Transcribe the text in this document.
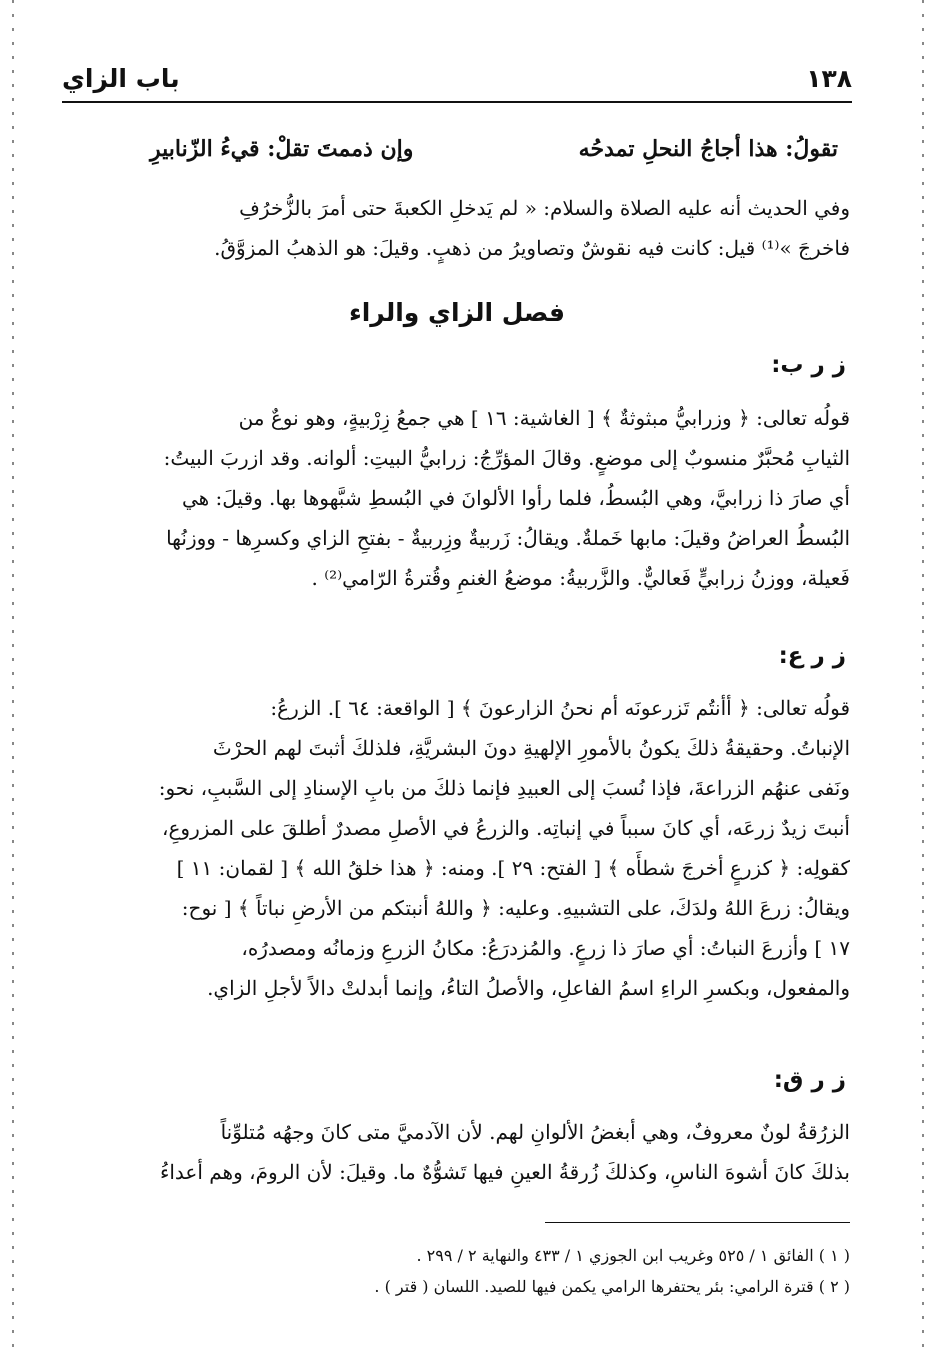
١٣٨
باب الزاي
تقولُ: هذا أجاجُ النحلِ تمدحُه
وإن ذممتَ تقلْ: قيءُ الزّنابيرِ
وفي الحديث أنه عليه الصلاة والسلام: « لم يَدخلِ الكعبةَ حتى أمرَ بالزُّخرُفِ
فاخرجَ »⁽¹⁾ قيل: كانت فيه نقوشٌ وتصاويرُ من ذهبٍ. وقيلَ: هو الذهبُ المزوَّقُ.
فصل الزاي والراء
ز ر ب:
قولُه تعالى: ﴿ وزرابيُّ مبثوثةٌ ﴾ [ الغاشية: ١٦ ] هي جمعُ زِرْبيةٍ، وهو نوعٌ من
الثيابِ مُحبَّرٌ منسوبٌ إلى موضعٍ. وقالَ المؤرِّجُ: زرابيُّ البيتِ: ألوانه. وقد ازربَ البيتُ:
أي صارَ ذا زرابيَّ، وهي البُسطُ، فلما رأوا الألوانَ في البُسطِ شبَّهوها بها. وقيلَ: هي
البُسطُ العراضُ وقيلَ: مابها خَملةٌ. ويقالُ: زَربيةٌ وزِربيةٌ - بفتحِ الزاي وكسرِها - ووزنُها
فَعيلة، ووزنُ زرابيٍّ فَعاليٌّ. والزَّربيةُ: موضعُ الغنمِ وقُترةُ الرّامي⁽²⁾ .
ز ر ع:
قولُه تعالى: ﴿ أأنتُم تَزرعونَه أم نحنُ الزارعونَ ﴾ [ الواقعة: ٦٤ ]. الزرعُ:
الإنباتُ. وحقيقةُ ذلكَ يكونُ بالأمورِ الإلهيةِ دونَ البشريَّةِ، فلذلكَ أثبتَ لهم الحرْثَ
ونَفى عنهُم الزراعةَ، فإذا نُسبَ إلى العبيدِ فإنما ذلكَ من بابِ الإسنادِ إلى السَّببِ، نحو:
أنبتَ زيدٌ زرعَه، أي كانَ سبباً في إنباتِه. والزرعُ في الأصلِ مصدرٌ أطلقَ على المزروعِ،
كقولِه: ﴿ كزرعٍ أخرجَ شطأَه ﴾ [ الفتح: ٢٩ ]. ومنه: ﴿ هذا خلقُ الله ﴾ [ لقمان: ١١ ]
ويقالُ: زرعَ اللهُ ولدَكَ، على التشبيهِ. وعليه: ﴿ واللهُ أنبتكم من الأرضِ نباتاً ﴾ [ نوح:
١٧ ] وأزرعَ النباتُ: أي صارَ ذا زرعٍ. والمُزدرَعُ: مكانُ الزرعِ وزمانُه ومصدرُه،
والمفعول، وبكسرِ الراءِ اسمُ الفاعلِ، والأصلُ التاءُ، وإنما أبدلتْ دالاً لأجلِ الزاي.
ز ر ق:
الزرُقةُ لونٌ معروفٌ، وهي أبغضُ الألوانِ لهم. لأن الآدميَّ متى كانَ وجهُه مُتلوِّناً
بذلكَ كانَ أشوهَ الناسِ، وكذلكَ زُرقةُ العينِ فيها تَشوُّهٌ ما. وقيلَ: لأن الرومَ، وهم أعداءُ
( ١ ) الفائق ١ / ٥٢٥ وغريب ابن الجوزي ١ / ٤٣٣ والنهاية ٢ / ٢٩٩ .
( ٢ ) قترة الرامي: بئر يحتفرها الرامي يكمن فيها للصيد. اللسان ( قتر ) .
